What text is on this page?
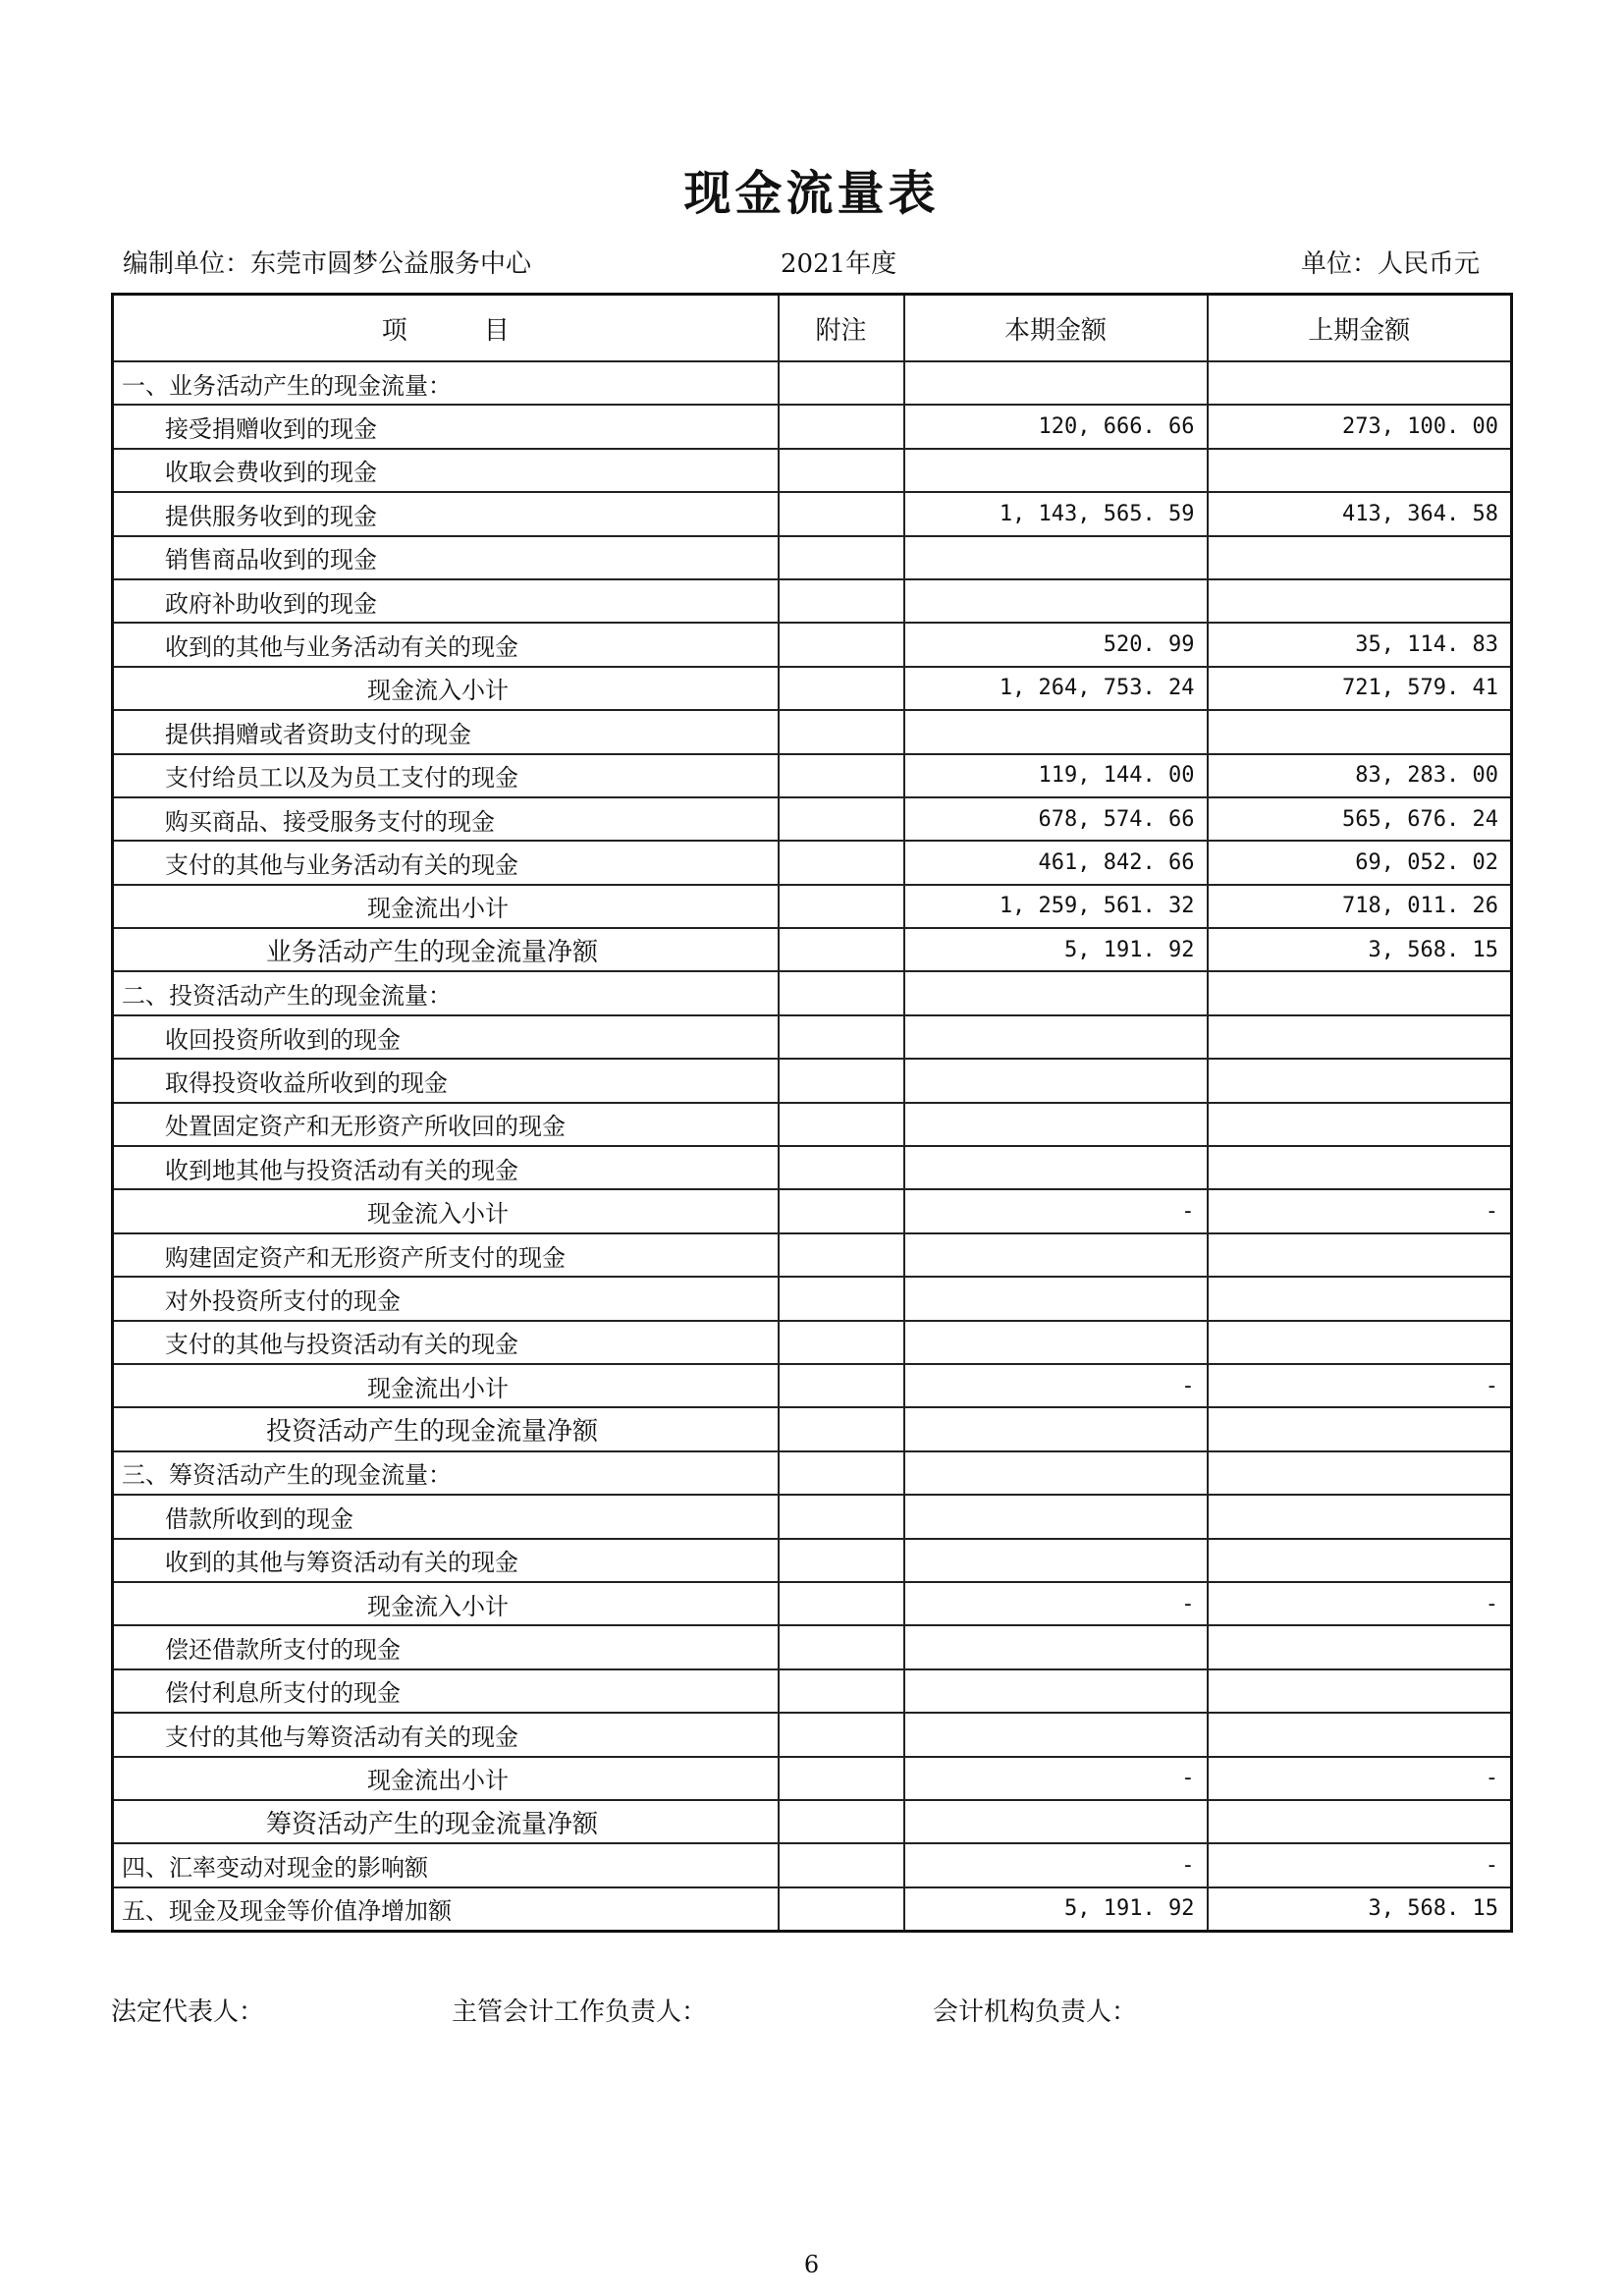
现金流量表
编制单位：东莞市圆梦公益服务中心	2021年度	单位：人民币元
项　　　目	附注	本期金额	上期金额
一、业务活动产生的现金流量：			
接受捐赠收到的现金		120, 666. 66	273, 100. 00
收取会费收到的现金			
提供服务收到的现金		1, 143, 565. 59	413, 364. 58
销售商品收到的现金			
政府补助收到的现金			
收到的其他与业务活动有关的现金		520. 99	35, 114. 83
现金流入小计		1, 264, 753. 24	721, 579. 41
提供捐赠或者资助支付的现金			
支付给员工以及为员工支付的现金		119, 144. 00	83, 283. 00
购买商品、接受服务支付的现金		678, 574. 66	565, 676. 24
支付的其他与业务活动有关的现金		461, 842. 66	69, 052. 02
现金流出小计		1, 259, 561. 32	718, 011. 26
业务活动产生的现金流量净额		5, 191. 92	3, 568. 15
二、投资活动产生的现金流量：			
收回投资所收到的现金			
取得投资收益所收到的现金			
处置固定资产和无形资产所收回的现金			
收到地其他与投资活动有关的现金			
现金流入小计		-	-
购建固定资产和无形资产所支付的现金			
对外投资所支付的现金			
支付的其他与投资活动有关的现金			
现金流出小计		-	-
投资活动产生的现金流量净额			
三、筹资活动产生的现金流量：			
借款所收到的现金			
收到的其他与筹资活动有关的现金			
现金流入小计		-	-
偿还借款所支付的现金			
偿付利息所支付的现金			
支付的其他与筹资活动有关的现金			
现金流出小计		-	-
筹资活动产生的现金流量净额			
四、汇率变动对现金的影响额		-	-
五、现金及现金等价值净增加额		5, 191. 92	3, 568. 15
法定代表人：	主管会计工作负责人：	会计机构负责人：
6
